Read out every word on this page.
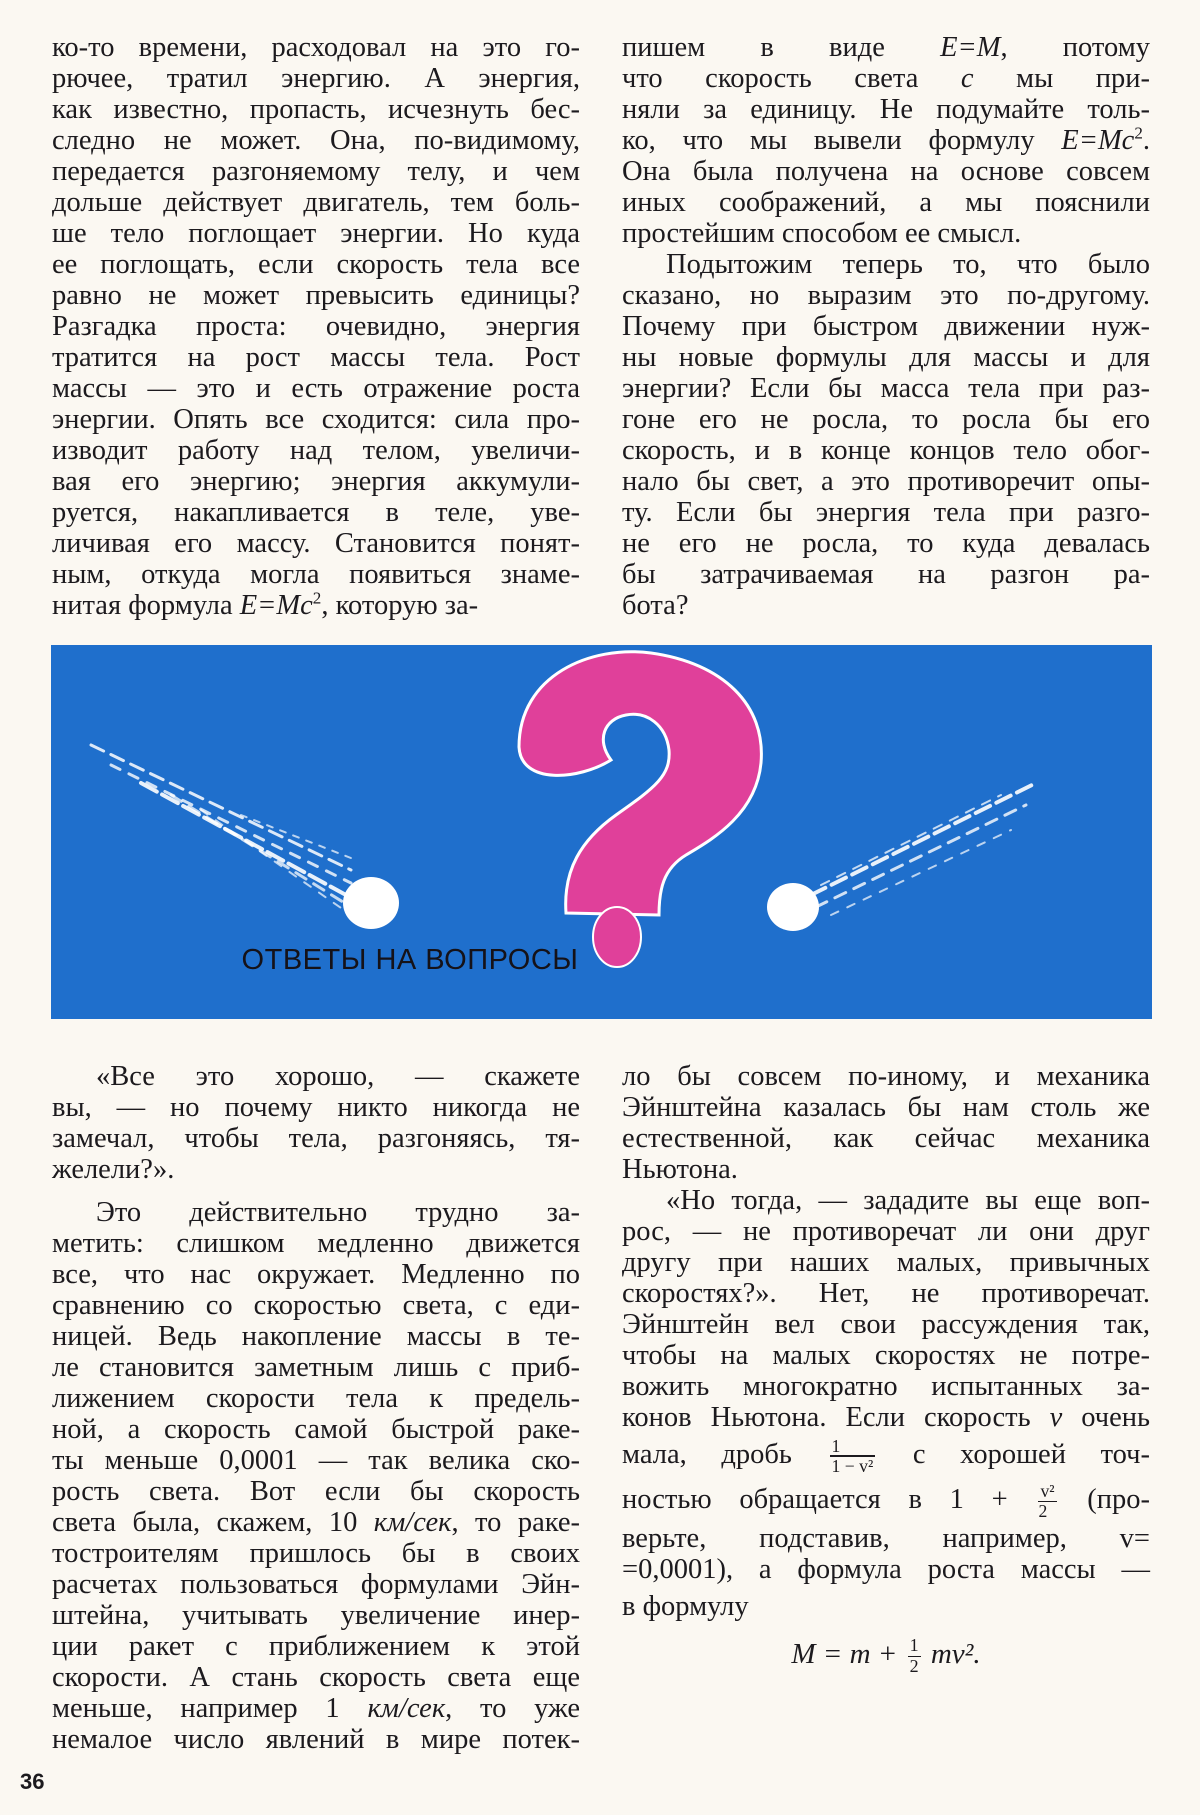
ко-то времени, расходовал на это го-
рючее, тратил энергию. А энергия,
как известно, пропасть, исчезнуть бес-
следно не может. Она, по-видимому,
передается разгоняемому телу, и чем
дольше действует двигатель, тем боль-
ше тело поглощает энергии. Но куда
ее поглощать, если скорость тела все
равно не может превысить единицы?
Разгадка проста: очевидно, энергия
тратится на рост массы тела. Рост
массы — это и есть отражение роста
энергии. Опять все сходится: сила про-
изводит работу над телом, увеличи-
вая его энергию; энергия аккумули-
руется, накапливается в теле, уве-
личивая его массу. Становится понят-
ным, откуда могла появиться знаме-
нитая формула $E=Mc^2$, которую за-
пишем в виде E=M, потому
что скорость света c мы при-
няли за единицу. Не подумайте толь-
ко, что мы вывели формулу $E=Mc^2$.
Она была получена на основе совсем
иных соображений, а мы пояснили
простейшим способом ее смысл.
Подытожим теперь то, что было
сказано, но выразим это по-другому.
Почему при быстром движении нуж-
ны новые формулы для массы и для
энергии? Если бы масса тела при раз-
гоне его не росла, то росла бы его
скорость, и в конце концов тело обог-
нало бы свет, а это противоречит опы-
ту. Если бы энергия тела при разго-
не его не росла, то куда девалась
бы затрачиваемая на разгон ра-
бота?
ОТВЕТЫ НА ВОПРОСЫ
«Все это хорошо, — скажете
вы, — но почему никто никогда не
замечал, чтобы тела, разгоняясь, тя-
желели?».
Это действительно трудно за-
метить: слишком медленно движется
все, что нас окружает. Медленно по
сравнению со скоростью света, с еди-
ницей. Ведь накопление массы в те-
ле становится заметным лишь с приб-
лижением скорости тела к предель-
ной, а скорость самой быстрой раке-
ты меньше 0,0001 — так велика ско-
рость света. Вот если бы скорость
света была, скажем, 10 км/сек, то раке-
тостроителям пришлось бы в своих
расчетах пользоваться формулами Эйн-
штейна, учитывать увеличение инер-
ции ракет с приближением к этой
скорости. А стань скорость света еще
меньше, например 1 км/сек, то уже
немалое число явлений в мире потек-
ло бы совсем по-иному, и механика
Эйнштейна казалась бы нам столь же
естественной, как сейчас механика
Ньютона.
«Но тогда, — зададите вы еще воп-
рос, — не противоречат ли они друг
другу при наших малых, привычных
скоростях?». Нет, не противоречат.
Эйнштейн вел свои рассуждения так,
чтобы на малых скоростях не потре-
вожить многократно испытанных за-
конов Ньютона. Если скорость v очень
мала, дробь $\frac{1}{\text{1 − v²}}$ с хорошей точ-
ностью обращается в $1 + \frac{\text{v²}}{2} (про-$
верьте, подставив, например, v=
=0,0001), а формула роста массы —
в формулу
$M = m + \frac{1}{2} mv^2$.
36
